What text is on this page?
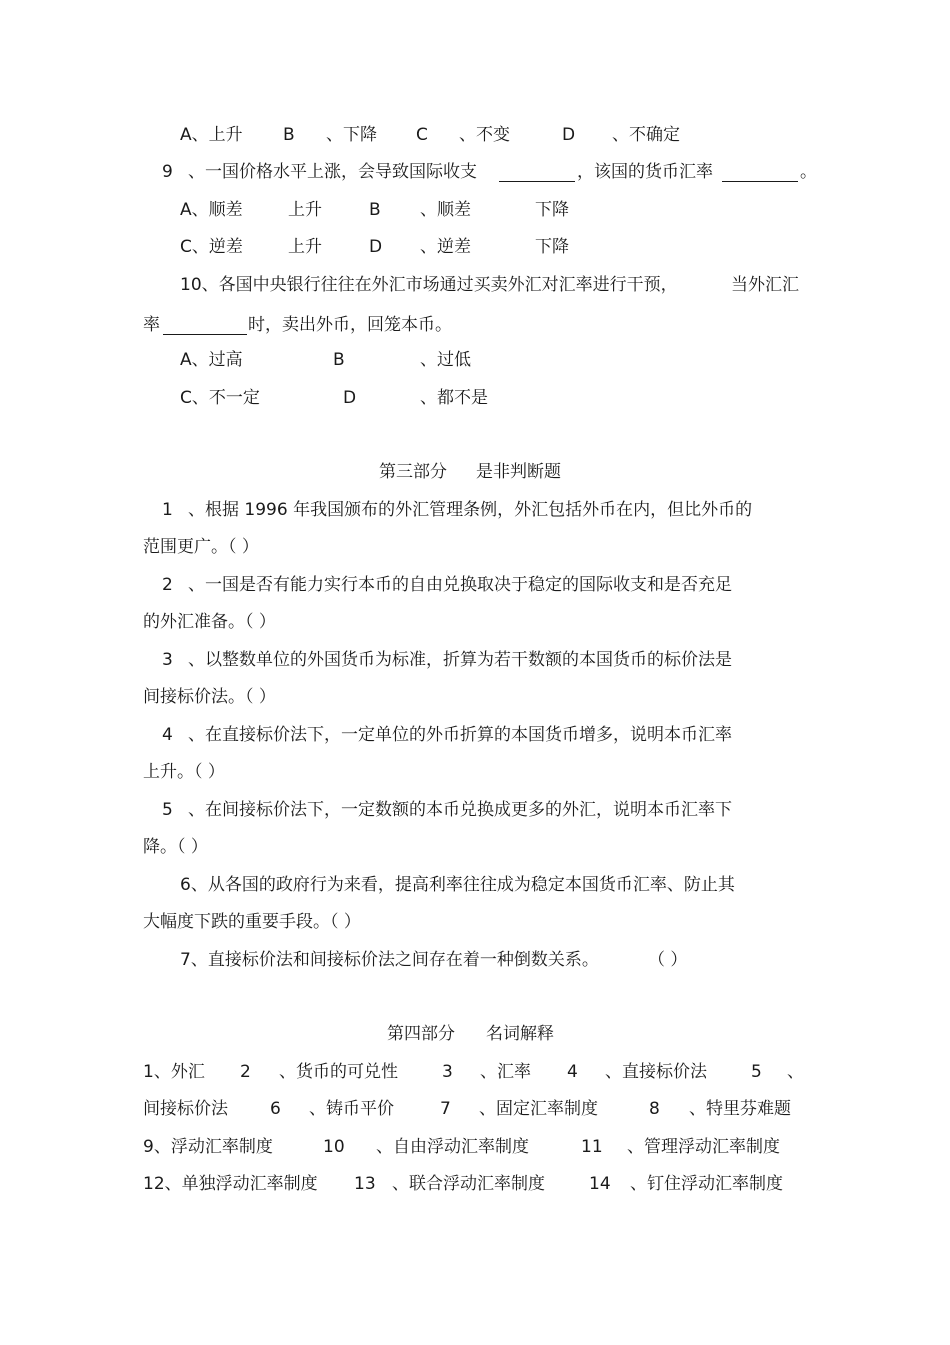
A、上升 B 、下降 C 、不变	D 、不确定
9 、一国价格水平上涨，会导致国际收支	，该国的货币汇率	。
A、顺差	上升	B 、顺差	下降
C、逆差	上升	D 、逆差	下降
10、各国中央银行往往在外汇市场通过买卖外汇对汇率进行干预，	当外汇汇
率	时，卖出外币，回笼本币。
A、过高	B	、过低
C、不一定	D	、都不是
第三部分 是非判断题
1 、根据 1996 年我国颁布的外汇管理条例，外汇包括外币在内，但比外币的
范围更广。（ ）
2 、一国是否有能力实行本币的自由兑换取决于稳定的国际收支和是否充足
的外汇准备。（ ）
3 、以整数单位的外国货币为标准，折算为若干数额的本国货币的标价法是
间接标价法。（ ）
4 、在直接标价法下，一定单位的外币折算的本国货币增多，说明本币汇率
上升。（ ）
5 、在间接标价法下，一定数额的本币兑换成更多的外汇，说明本币汇率下
降。（ ）
6、从各国的政府行为来看，提高利率往往成为稳定本国货币汇率、防止其
大幅度下跌的重要手段。（ ）
7、直接标价法和间接标价法之间存在着一种倒数关系。	（ ）
第四部分 名词解释
1、外汇 2 、货币的可兑性	3 、汇率 4 、直接标价法	5 、
间接标价法 6 、铸币平价	7 、固定汇率制度	8 、特里芬难题
9、浮动汇率制度	10 、自由浮动汇率制度	11 、管理浮动汇率制度
12、单独浮动汇率制度 13 、联合浮动汇率制度	14 、钉住浮动汇率制度
